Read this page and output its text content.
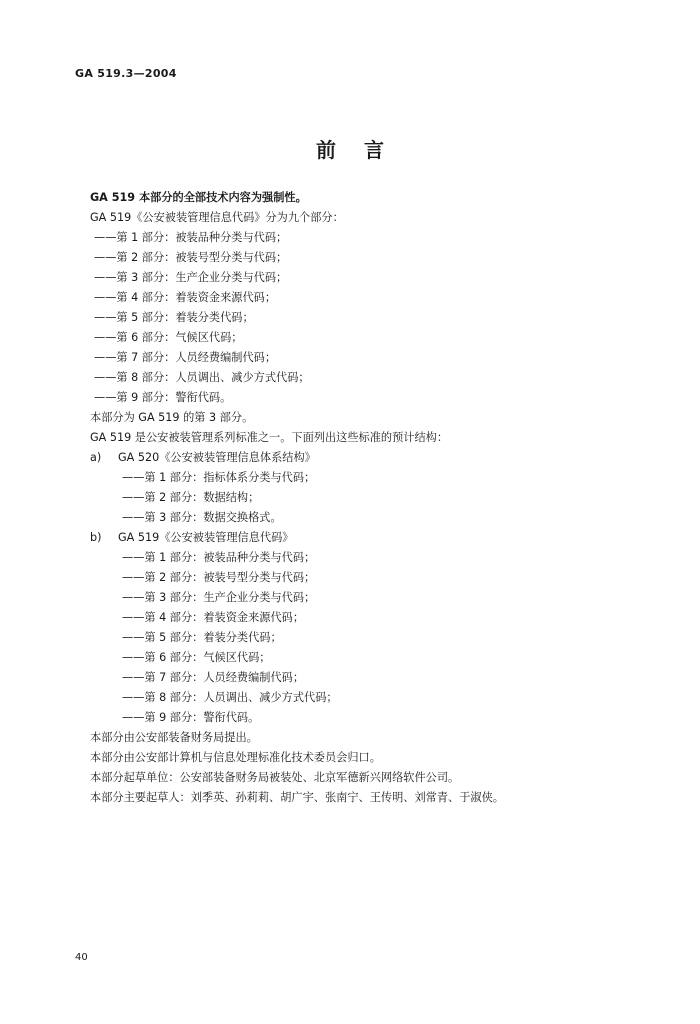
GA 519.3—2004
前言
GA 519 本部分的全部技术内容为强制性。
GA 519《公安被装管理信息代码》分为九个部分：
——第 1 部分：被装品种分类与代码；
——第 2 部分：被装号型分类与代码；
——第 3 部分：生产企业分类与代码；
——第 4 部分：着装资金来源代码；
——第 5 部分：着装分类代码；
——第 6 部分：气候区代码；
——第 7 部分：人员经费编制代码；
——第 8 部分：人员调出、减少方式代码；
——第 9 部分：警衔代码。
本部分为 GA 519 的第 3 部分。
GA 519 是公安被装管理系列标准之一。下面列出这些标准的预计结构：
a) GA 520《公安被装管理信息体系结构》
——第 1 部分：指标体系分类与代码；
——第 2 部分：数据结构；
——第 3 部分：数据交换格式。
b) GA 519《公安被装管理信息代码》
——第 1 部分：被装品种分类与代码；
——第 2 部分：被装号型分类与代码；
——第 3 部分：生产企业分类与代码；
——第 4 部分：着装资金来源代码；
——第 5 部分：着装分类代码；
——第 6 部分：气候区代码；
——第 7 部分：人员经费编制代码；
——第 8 部分：人员调出、减少方式代码；
——第 9 部分：警衔代码。
本部分由公安部装备财务局提出。
本部分由公安部计算机与信息处理标准化技术委员会归口。
本部分起草单位：公安部装备财务局被装处、北京军德新兴网络软件公司。
本部分主要起草人：刘季英、孙莉莉、胡广宇、张南宁、王传明、刘常青、于淑侠。
40
